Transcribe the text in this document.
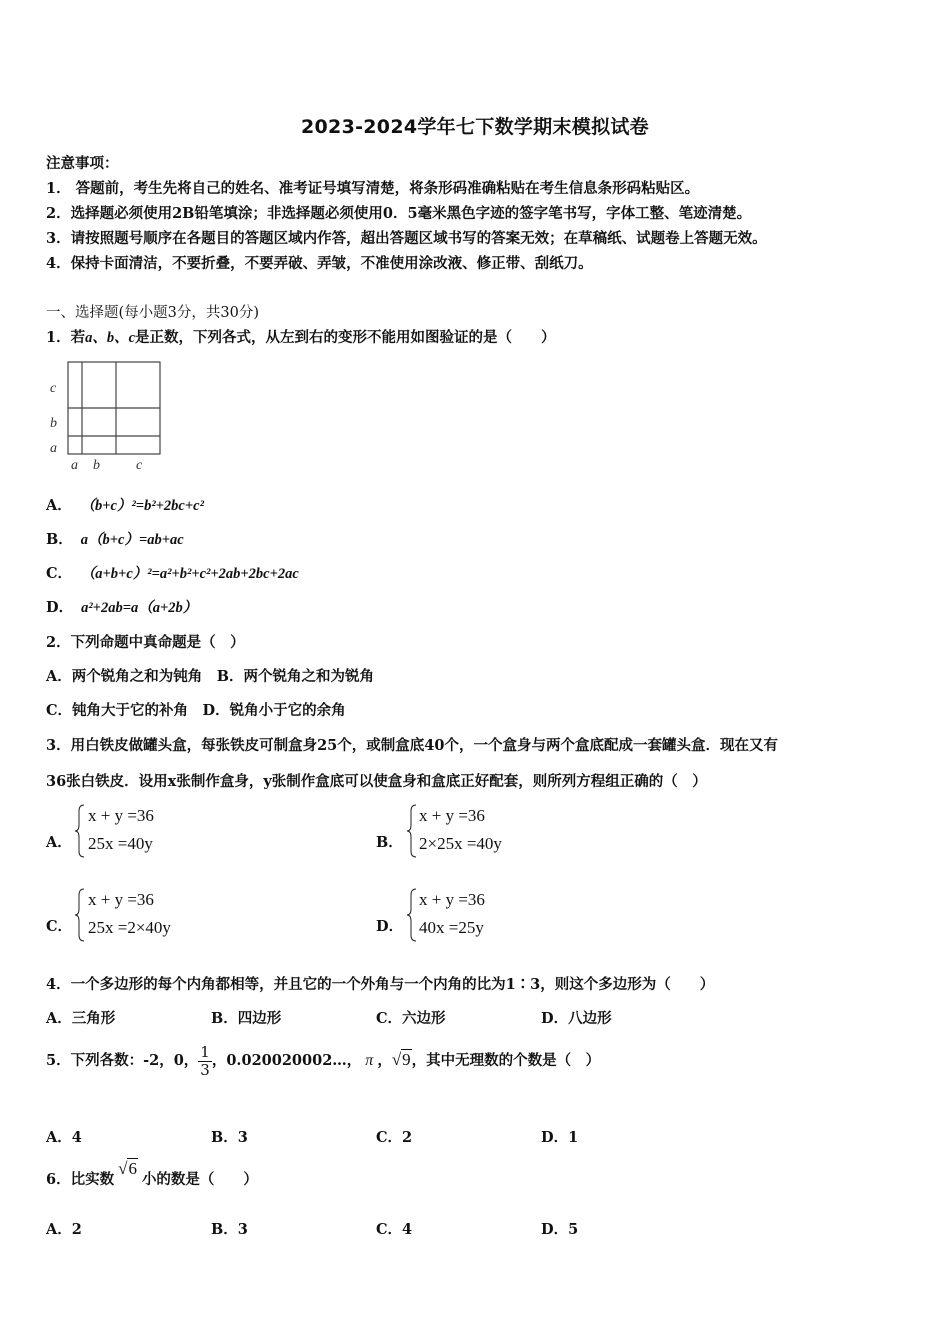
2023-2024学年七下数学期末模拟试卷
注意事项：
1． 答题前，考生先将自己的姓名、准考证号填写清楚，将条形码准确粘贴在考生信息条形码粘贴区。
2．选择题必须使用2B铅笔填涂；非选择题必须使用0．5毫米黑色字迹的签字笔书写，字体工整、笔迹清楚。
3．请按照题号顺序在各题目的答题区域内作答，超出答题区域书写的答案无效；在草稿纸、试题卷上答题无效。
4．保持卡面清洁，不要折叠，不要弄破、弄皱，不准使用涂改液、修正带、刮纸刀。
一、选择题(每小题3分，共30分)
1．若a、b、c是正数，下列各式，从左到右的变形不能用如图验证的是（　　）
c
b
a
a b	c
A． （b+c）²=b²+2bc+c²
B． a（b+c）=ab+ac
C． （a+b+c）²=a²+b²+c²+2ab+2bc+2ac
D． a²+2ab=a（a+2b）
2．下列命题中真命题是（　）
A．两个锐角之和为钝角　B．两个锐角之和为锐角
C．钝角大于它的补角　D．锐角小于它的余角
3．用白铁皮做罐头盒，每张铁皮可制盒身25个，或制盒底40个，一个盒身与两个盒底配成一套罐头盒．现在又有
36张白铁皮．设用x张制作盒身，y张制作盒底可以使盒身和盒底正好配套，则所列方程组正确的（　）
A．
x + y =36
25x =40y	B．
x + y =36
2×25x =40y
C．
x + y =36
25x =2×40y	D．
x + y =36
40x =25y
4．一个多边形的每个内角都相等，并且它的一个外角与一个内角的比为1∶3，则这个多边形为（　　）
A．三角形	B．四边形	C．六边形	D．八边形
5．下列各数：-2，0， $\frac{1}{3}$ ，0.020020002…， π ，√9，其中无理数的个数是（　）
A．4	B．3	C．2	D．1
6．比实数√6小的数是（　　）
A．2	B．3	C．4	D．5
